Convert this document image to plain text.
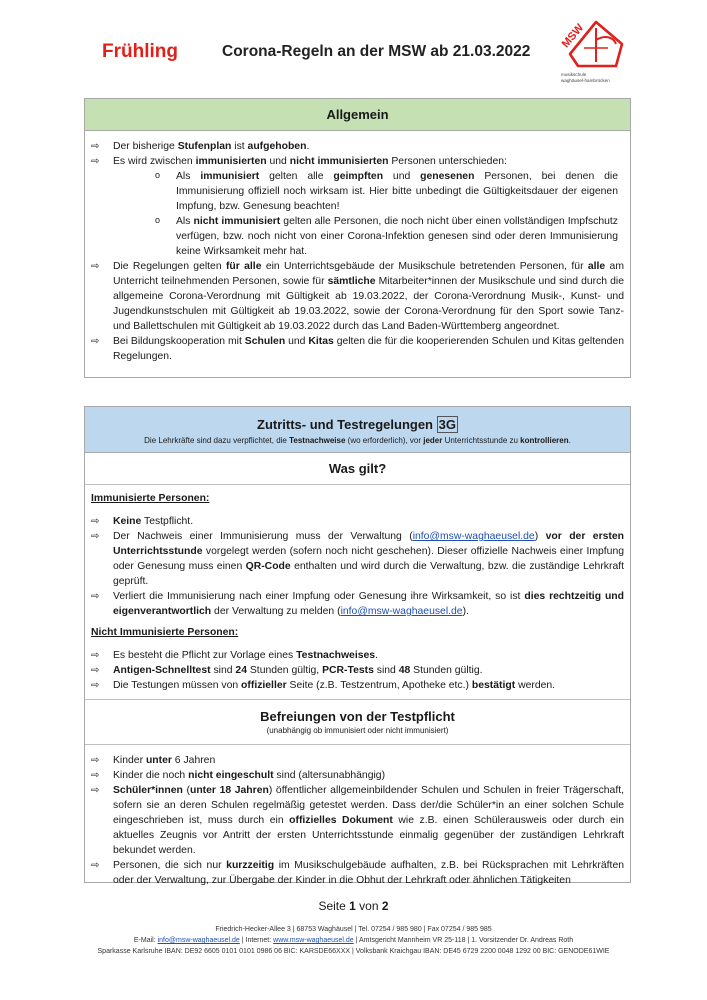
Frühling	Corona-Regeln an der MSW ab 21.03.2022
MSW
musikschule
waghäusel-hambrücken
Allgemein
⇨ Der bisherige Stufenplan ist aufgehoben.
⇨ Es wird zwischen immunisierten und nicht immunisierten Personen unterschieden:
o Als immunisiert gelten alle geimpften und genesenen Personen, bei denen die Immunisierung offiziell noch wirksam ist. Hier bitte unbedingt die Gültigkeitsdauer der eigenen Impfung, bzw. Genesung beachten!
o Als nicht immunisiert gelten alle Personen, die noch nicht über einen vollständigen Impfschutz verfügen, bzw. noch nicht von einer Corona-Infektion genesen sind oder deren Immunisierung keine Wirksamkeit mehr hat.
⇨ Die Regelungen gelten für alle ein Unterrichtsgebäude der Musikschule betretenden Personen, für alle am Unterricht teilnehmenden Personen, sowie für sämtliche Mitarbeiter*innen der Musikschule und sind durch die allgemeine Corona-Verordnung mit Gültigkeit ab 19.03.2022, der Corona-Verordnung Musik-, Kunst- und Jugendkunstschulen mit Gültigkeit ab 19.03.2022, sowie der Corona-Verordnung für den Sport sowie Tanz- und Ballettschulen mit Gültigkeit ab 19.03.2022 durch das Land Baden-Württemberg angeordnet.
⇨ Bei Bildungskooperation mit Schulen und Kitas gelten die für die kooperierenden Schulen und Kitas geltenden Regelungen.
Zutritts- und Testregelungen 3G
Die Lehrkräfte sind dazu verpflichtet, die Testnachweise (wo erforderlich), vor jeder Unterrichtsstunde zu kontrollieren.
Was gilt?
Immunisierte Personen:
⇨ Keine Testpflicht.
⇨ Der Nachweis einer Immunisierung muss der Verwaltung (info@msw-waghaeusel.de) vor der ersten Unterrichtsstunde vorgelegt werden (sofern noch nicht geschehen). Dieser offizielle Nachweis einer Impfung oder Genesung muss einen QR-Code enthalten und wird durch die Verwaltung, bzw. die zuständige Lehrkraft geprüft.
⇨ Verliert die Immunisierung nach einer Impfung oder Genesung ihre Wirksamkeit, so ist dies rechtzeitig und eigenverantwortlich der Verwaltung zu melden (info@msw-waghaeusel.de).
Nicht Immunisierte Personen:
⇨ Es besteht die Pflicht zur Vorlage eines Testnachweises.
⇨ Antigen-Schnelltest sind 24 Stunden gültig, PCR-Tests sind 48 Stunden gültig.
⇨ Die Testungen müssen von offizieller Seite (z.B. Testzentrum, Apotheke etc.) bestätigt werden.
Befreiungen von der Testpflicht
(unabhängig ob immunisiert oder nicht immunisiert)
⇨ Kinder unter 6 Jahren
⇨ Kinder die noch nicht eingeschult sind (altersunabhängig)
⇨ Schüler*innen (unter 18 Jahren) öffentlicher allgemeinbildender Schulen und Schulen in freier Trägerschaft, sofern sie an deren Schulen regelmäßig getestet werden. Dass der/die Schüler*in an einer solchen Schule eingeschrieben ist, muss durch ein offizielles Dokument wie z.B. einen Schülerausweis oder durch ein aktuelles Zeugnis vor Antritt der ersten Unterrichtsstunde einmalig gegenüber der zuständigen Lehrkraft bekundet werden.
⇨ Personen, die sich nur kurzzeitig im Musikschulgebäude aufhalten, z.B. bei Rücksprachen mit Lehrkräften oder der Verwaltung, zur Übergabe der Kinder in die Obhut der Lehrkraft oder ähnlichen Tätigkeiten
Seite 1 von 2
Friedrich-Hecker-Allee 3 | 68753 Waghäusel | Tel. 07254 / 985 980 | Fax 07254 / 985 985
E-Mail: info@msw-waghaeusel.de | Internet: www.msw-waghaeusel.de | Amtsgericht Mannheim VR 25-118 | 1. Vorsitzender Dr. Andreas Roth
Sparkasse Karlsruhe IBAN: DE92 6605 0101 0101 0986 06 BIC: KARSDE66XXX | Volksbank Kraichgau IBAN: DE45 6729 2200 0048 1292 00 BIC: GENODE61WIE
